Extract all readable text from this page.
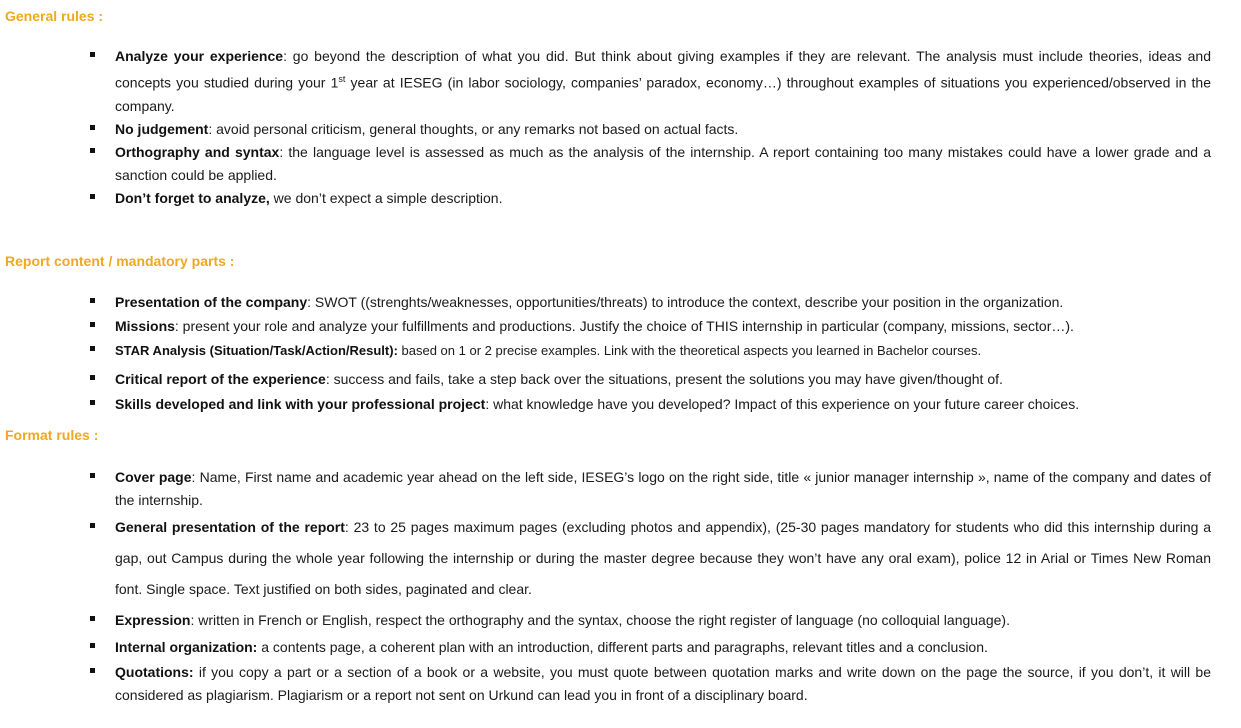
General rules :
Analyze your experience: go beyond the description of what you did. But think about giving examples if they are relevant. The analysis must include theories, ideas and concepts you studied during your 1st year at IESEG (in labor sociology, companies’ paradox, economy…) throughout examples of situations you experienced/observed in the company.
No judgement: avoid personal criticism, general thoughts, or any remarks not based on actual facts.
Orthography and syntax: the language level is assessed as much as the analysis of the internship. A report containing too many mistakes could have a lower grade and a sanction could be applied.
Don’t forget to analyze, we don’t expect a simple description.
Report content / mandatory parts :
Presentation of the company: SWOT ((strenghts/weaknesses, opportunities/threats) to introduce the context, describe your position in the organization.
Missions: present your role and analyze your fulfillments and productions. Justify the choice of THIS internship in particular (company, missions, sector…).
STAR Analysis (Situation/Task/Action/Result): based on 1 or 2 precise examples. Link with the theoretical aspects you learned in Bachelor courses.
Critical report of the experience: success and fails, take a step back over the situations, present the solutions you may have given/thought of.
Skills developed and link with your professional project: what knowledge have you developed? Impact of this experience on your future career choices.
Format rules :
Cover page: Name, First name and academic year ahead on the left side, IESEG’s logo on the right side, title « junior manager internship », name of the company and dates of the internship.
General presentation of the report: 23 to 25 pages maximum pages (excluding photos and appendix), (25-30 pages mandatory for students who did this internship during a gap, out Campus during the whole year following the internship or during the master degree because they won’t have any oral exam), police 12 in Arial or Times New Roman font. Single space. Text justified on both sides, paginated and clear.
Expression: written in French or English, respect the orthography and the syntax, choose the right register of language (no colloquial language).
Internal organization: a contents page, a coherent plan with an introduction, different parts and paragraphs, relevant titles and a conclusion.
Quotations: if you copy a part or a section of a book or a website, you must quote between quotation marks and write down on the page the source, if you don’t, it will be considered as plagiarism. Plagiarism or a report not sent on Urkund can lead you in front of a disciplinary board.
